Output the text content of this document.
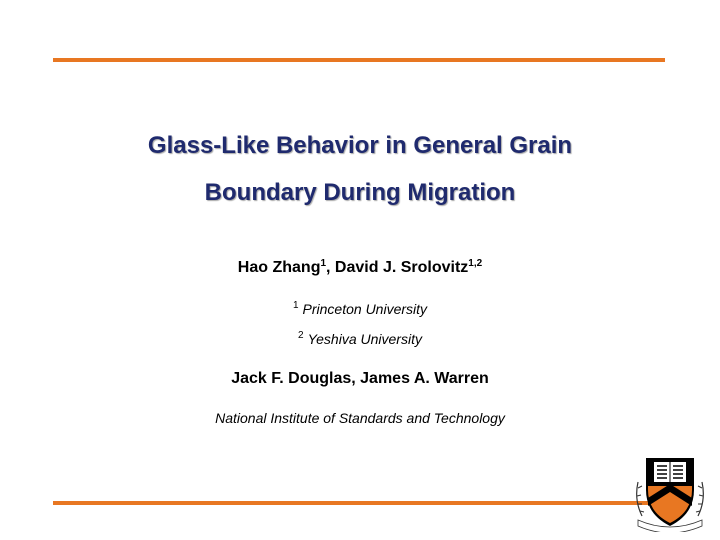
Glass-Like Behavior in General Grain
Boundary During Migration
Hao Zhang$^1$, David J. Srolovitz$^{1,2}$
$^1$ Princeton University
$^2$ Yeshiva University
Jack F. Douglas, James A. Warren
National Institute of Standards and Technology
